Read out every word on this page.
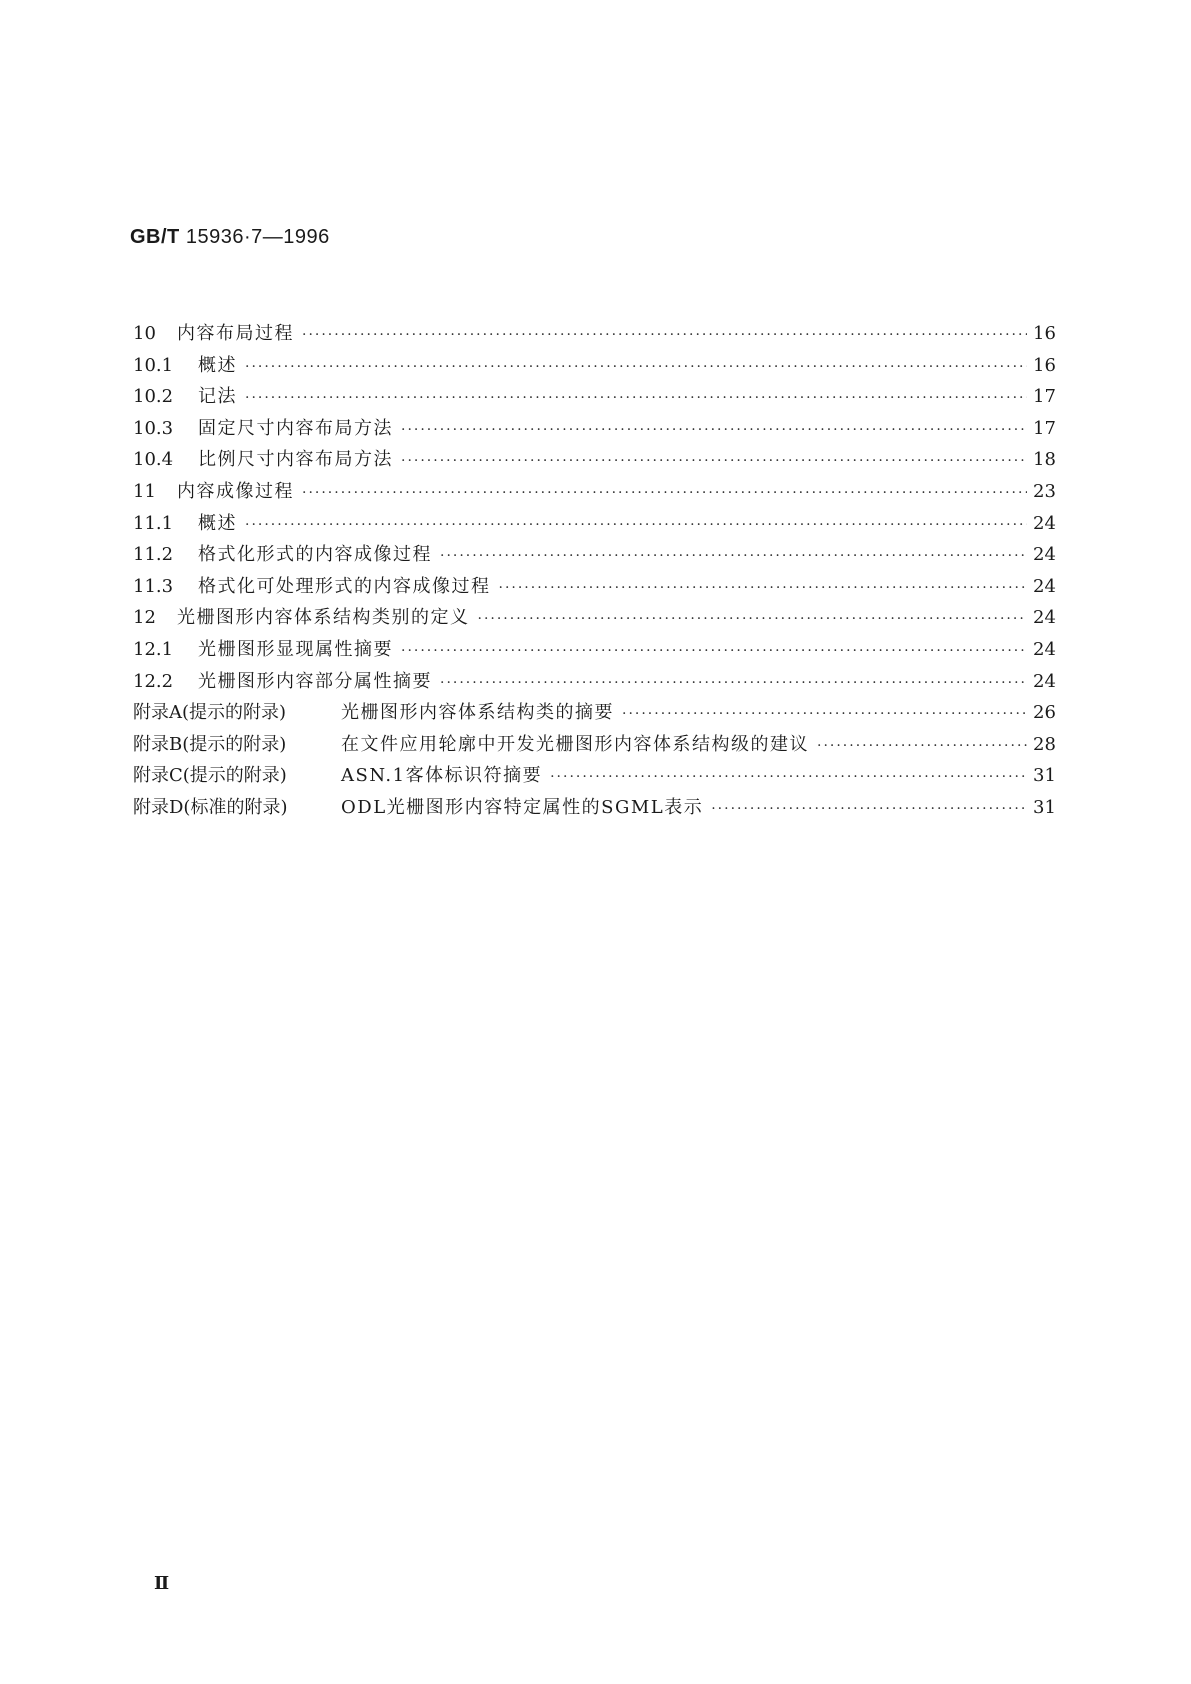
GB/T 15936·7—1996
10	内容布局过程 ·····	16
10.1	概述 ·····	16
10.2	记法 ·····	17
10.3	固定尺寸内容布局方法 ·····	17
10.4	比例尺寸内容布局方法 ·····	18
11	内容成像过程 ·····	23
11.1	概述 ·····	24
11.2	格式化形式的内容成像过程 ·····	24
11.3	格式化可处理形式的内容成像过程 ·····	24
12	光栅图形内容体系结构类别的定义 ·····	24
12.1	光栅图形显现属性摘要 ·····	24
12.2	光栅图形内容部分属性摘要 ·····	24
附录A(提示的附录)	光栅图形内容体系结构类的摘要 ·····	26
附录B(提示的附录)	在文件应用轮廓中开发光栅图形内容体系结构级的建议 ·····	28
附录C(提示的附录)	ASN.1客体标识符摘要 ·····	31
附录D(标准的附录)	ODL光栅图形内容特定属性的SGML表示 ·····	31
Ⅱ
